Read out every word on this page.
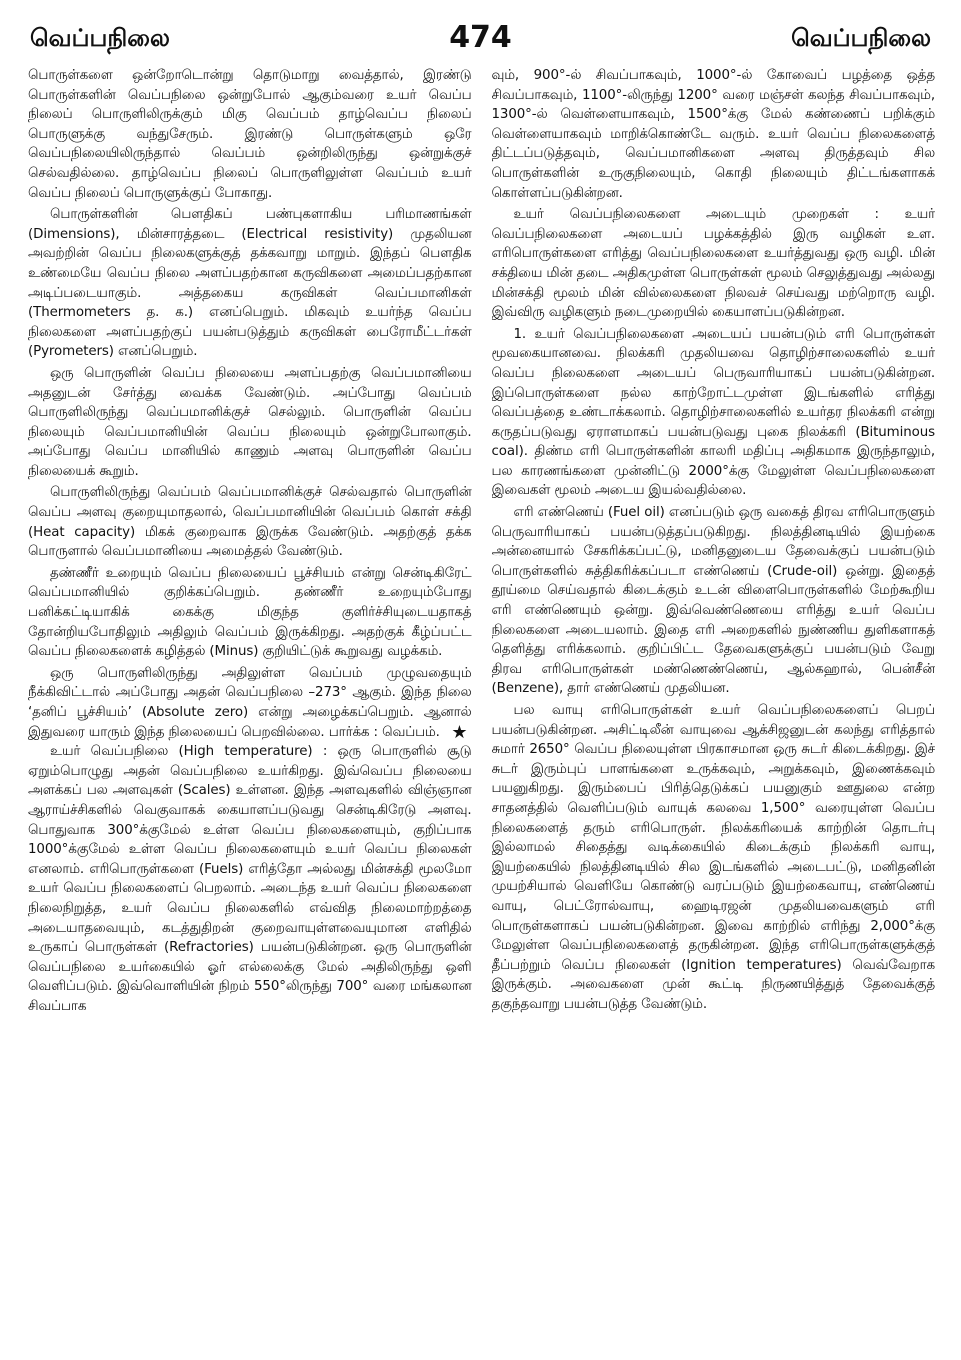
வெப்பநிலை	474	வெப்பநிலை

பொருள்களை ஒன்றோடொன்று தொடுமாறு வைத்தால், இரண்டு பொருள்களின் வெப்பநிலை ஒன்றுபோல் ஆகும்வரை உயர் வெப்ப நிலைப் பொருளிலிருக்கும் மிகு வெப்பம் தாழ்வெப்ப நிலைப் பொருளுக்கு வந்துசேரும். இரண்டு பொருள்களும் ஒரே வெப்பநிலையிலிருந்தால் வெப்பம் ஒன்றிலிருந்து ஒன்றுக்குச் செல்வதில்லை. தாழ்வெப்ப நிலைப் பொருளிலுள்ள வெப்பம் உயர் வெப்ப நிலைப் பொருளுக்குப் போகாது.

பொருள்களின் பௌதிகப் பண்புகளாகிய பரிமாணங்கள் (Dimensions), மின்சாரத்தடை (Electrical resistivity) முதலியன அவற்றின் வெப்ப நிலைகளுக்குத் தக்கவாறு மாறும். இந்தப் பௌதிக உண்மையே வெப்ப நிலை அளப்பதற்கான கருவிகளை அமைப்பதற்கான அடிப்படையாகும். அத்தகைய கருவிகள் வெப்பமானிகள் (Thermometers த. க.) எனப்பெறும். மிகவும் உயர்ந்த வெப்ப நிலைகளை அளப்பதற்குப் பயன்படுத்தும் கருவிகள் பைரோமீட்டர்கள் (Pyrometers) எனப்பெறும்.

ஒரு பொருளின் வெப்ப நிலையை அளப்பதற்கு வெப்பமானியை அதனுடன் சேர்த்து வைக்க வேண்டும். அப்போது வெப்பம் பொருளிலிருந்து வெப்பமானிக்குச் செல்லும். பொருளின் வெப்ப நிலையும் வெப்பமானியின் வெப்ப நிலையும் ஒன்றுபோலாகும். அப்போது வெப்ப மானியில் காணும் அளவு பொருளின் வெப்ப நிலையைக் கூறும்.

பொருளிலிருந்து வெப்பம் வெப்பமானிக்குச் செல்வதால் பொருளின் வெப்ப அளவு குறையுமாதலால், வெப்பமானியின் வெப்பம் கொள் சக்தி (Heat capacity) மிகக் குறைவாக இருக்க வேண்டும். அதற்குத் தக்க பொருளால் வெப்பமானியை அமைத்தல் வேண்டும்.

தண்ணீர் உறையும் வெப்ப நிலையைப் பூச்சியம் என்று சென்டிகிரேட் வெப்பமானியில் குறிக்கப்பெறும். தண்ணீர் உறையும்போது பனிக்கட்டியாகிக் கைக்கு மிகுந்த குளிர்ச்சியுடையதாகத் தோன்றியபோதிலும் அதிலும் வெப்பம் இருக்கிறது. அதற்குக் கீழ்ப்பட்ட வெப்ப நிலைகளைக் கழித்தல் (Minus) குறியிட்டுக் கூறுவது வழக்கம்.

ஒரு பொருளிலிருந்து அதிலுள்ள வெப்பம் முழுவதையும் நீக்கிவிட்டால் அப்போது அதன் வெப்பநிலை –273° ஆகும். இந்த நிலை ‘தனிப் பூச்சியம்’ (Absolute zero) என்று அழைக்கப்பெறும். ஆனால் இதுவரை யாரும் இந்த நிலையைப் பெறவில்லை. பார்க்க : வெப்பம். ★

உயர் வெப்பநிலை (High temperature) : ஒரு பொருளில் சூடு ஏறும்பொழுது அதன் வெப்பநிலை உயர்கிறது. இவ்வெப்ப நிலையை அளக்கப் பல அளவுகள் (Scales) உள்ளன. இந்த அளவுகளில் விஞ்ஞான ஆராய்ச்சிகளில் வெகுவாகக் கையாளப்படுவது சென்டிகிரேடு அளவு. பொதுவாக 300°க்குமேல் உள்ள வெப்ப நிலைகளையும், குறிப்பாக 1000°க்குமேல் உள்ள வெப்ப நிலைகளையும் உயர் வெப்ப நிலைகள் எனலாம். எரிபொருள்களை (Fuels) எரித்தோ அல்லது மின்சக்தி மூலமோ உயர் வெப்ப நிலைகளைப் பெறலாம். அடைந்த உயர் வெப்ப நிலைகளை நிலைநிறுத்த, உயர் வெப்ப நிலைகளில் எவ்வித நிலைமாற்றத்தை அடையாதவையும், கடத்துதிறன் குறைவாயுள்ளவையுமான எளிதில் உருகாப் பொருள்கள் (Refractories) பயன்படுகின்றன. ஒரு பொருளின் வெப்பநிலை உயர்கையில் ஓர் எல்லைக்கு மேல் அதிலிருந்து ஒளி வெளிப்படும். இவ்வொளியின் நிறம் 550°லிருந்து 700° வரை மங்கலான சிவப்பாக

வும், 900°-ல் சிவப்பாகவும், 1000°-ல் கோவைப் பழத்தை ஒத்த சிவப்பாகவும், 1100°-லிருந்து 1200° வரை மஞ்சள் கலந்த சிவப்பாகவும், 1300°-ல் வெள்ளையாகவும், 1500°க்கு மேல் கண்ணைப் பறிக்கும் வெள்ளையாகவும் மாறிக்கொண்டே வரும். உயர் வெப்ப நிலைகளைத் திட்டப்படுத்தவும், வெப்பமானிகளை அளவு திருத்தவும் சில பொருள்களின் உருகுநிலையும், கொதி நிலையும் திட்டங்களாகக் கொள்ளப்படுகின்றன.

உயர் வெப்பநிலைகளை அடையும் முறைகள் : உயர் வெப்பநிலைகளை அடையப் பழக்கத்தில் இரு வழிகள் உள. எரிபொருள்களை எரித்து வெப்பநிலைகளை உயர்த்துவது ஒரு வழி. மின் சக்தியை மின் தடை அதிகமுள்ள பொருள்கள் மூலம் செலுத்துவது அல்லது மின்சக்தி மூலம் மின் வில்லைகளை நிலவச் செய்வது மற்றொரு வழி. இவ்விரு வழிகளும் நடைமுறையில் கையாளப்படுகின்றன.

1. உயர் வெப்பநிலைகளை அடையப் பயன்படும் எரி பொருள்கள் மூவகையானவை. நிலக்கரி முதலியவை தொழிற்சாலைகளில் உயர் வெப்ப நிலைகளை அடையப் பெருவாரியாகப் பயன்படுகின்றன. இப்பொருள்களை நல்ல காற்றோட்டமுள்ள இடங்களில் எரித்து வெப்பத்தை உண்டாக்கலாம். தொழிற்சாலைகளில் உயர்தர நிலக்கரி என்று கருதப்படுவது ஏராளமாகப் பயன்படுவது புகை நிலக்கரி (Bituminous coal). திண்ம எரி பொருள்களின் காலரி மதிப்பு அதிகமாக இருந்தாலும், பல காரணங்களை முன்னிட்டு 2000°க்கு மேலுள்ள வெப்பநிலைகளை இவைகள் மூலம் அடைய இயல்வதில்லை.

எரி எண்ணெய் (Fuel oil) எனப்படும் ஒரு வகைத் திரவ எரிபொருளும் பெருவாரியாகப் பயன்படுத்தப்படுகிறது. நிலத்தினடியில் இயற்கை அன்னையால் சேகரிக்கப்பட்டு, மனிதனுடைய தேவைக்குப் பயன்படும் பொருள்களில் சுத்திகரிக்கப்படா எண்ணெய் (Crude-oil) ஒன்று. இதைத் தூய்மை செய்வதால் கிடைக்கும் உடன் விளைபொருள்களில் மேற்கூறிய எரி எண்ணெயும் ஒன்று. இவ்வெண்ணெயை எரித்து உயர் வெப்ப நிலைகளை அடையலாம். இதை எரி அறைகளில் நுண்ணிய துளிகளாகத் தெளித்து எரிக்கலாம். குறிப்பிட்ட தேவைகளுக்குப் பயன்படும் வேறு திரவ எரிபொருள்கள் மண்ணெண்ணெய், ஆல்கஹால், பென்சீன் (Benzene), தார் எண்ணெய் முதலியன.

பல வாயு எரிபொருள்கள் உயர் வெப்பநிலைகளைப் பெறப் பயன்படுகின்றன. அசிட்டிலீன் வாயுவை ஆக்சிஜனுடன் கலந்து எரித்தால் சுமார் 2650° வெப்ப நிலையுள்ள பிரகாசமான ஒரு சுடர் கிடைக்கிறது. இச் சுடர் இரும்புப் பாளங்களை உருக்கவும், அறுக்கவும், இணைக்கவும் பயனுகிறது. இரும்பைப் பிரித்தெடுக்கப் பயனுகும் ஊதுலை என்ற சாதனத்தில் வெளிப்படும் வாயுக் கலவை 1,500° வரையுள்ள வெப்ப நிலைகளைத் தரும் எரிபொருள். நிலக்கரியைக் காற்றின் தொடர்பு இல்லாமல் சிதைத்து வடிக்கையில் கிடைக்கும் நிலக்கரி வாயு, இயற்கையில் நிலத்தினடியில் சில இடங்களில் அடைபட்டு, மனிதனின் முயற்சியால் வெளியே கொண்டு வரப்படும் இயற்கைவாயு, எண்ணெய் வாயு, பெட்ரோல்வாயு, ஹைடிரஜன் முதலியவைகளும் எரி பொருள்களாகப் பயன்படுகின்றன. இவை காற்றில் எரிந்து 2,000°க்கு மேலுள்ள வெப்பநிலைகளைத் தருகின்றன. இந்த எரிபொருள்களுக்குத் தீப்பற்றும் வெப்ப நிலைகள் (Ignition temperatures) வெவ்வேறாக இருக்கும். அவைகளை முன் கூட்டி நிருணயித்துத் தேவைக்குத் தகுந்தவாறு பயன்படுத்த வேண்டும்.
